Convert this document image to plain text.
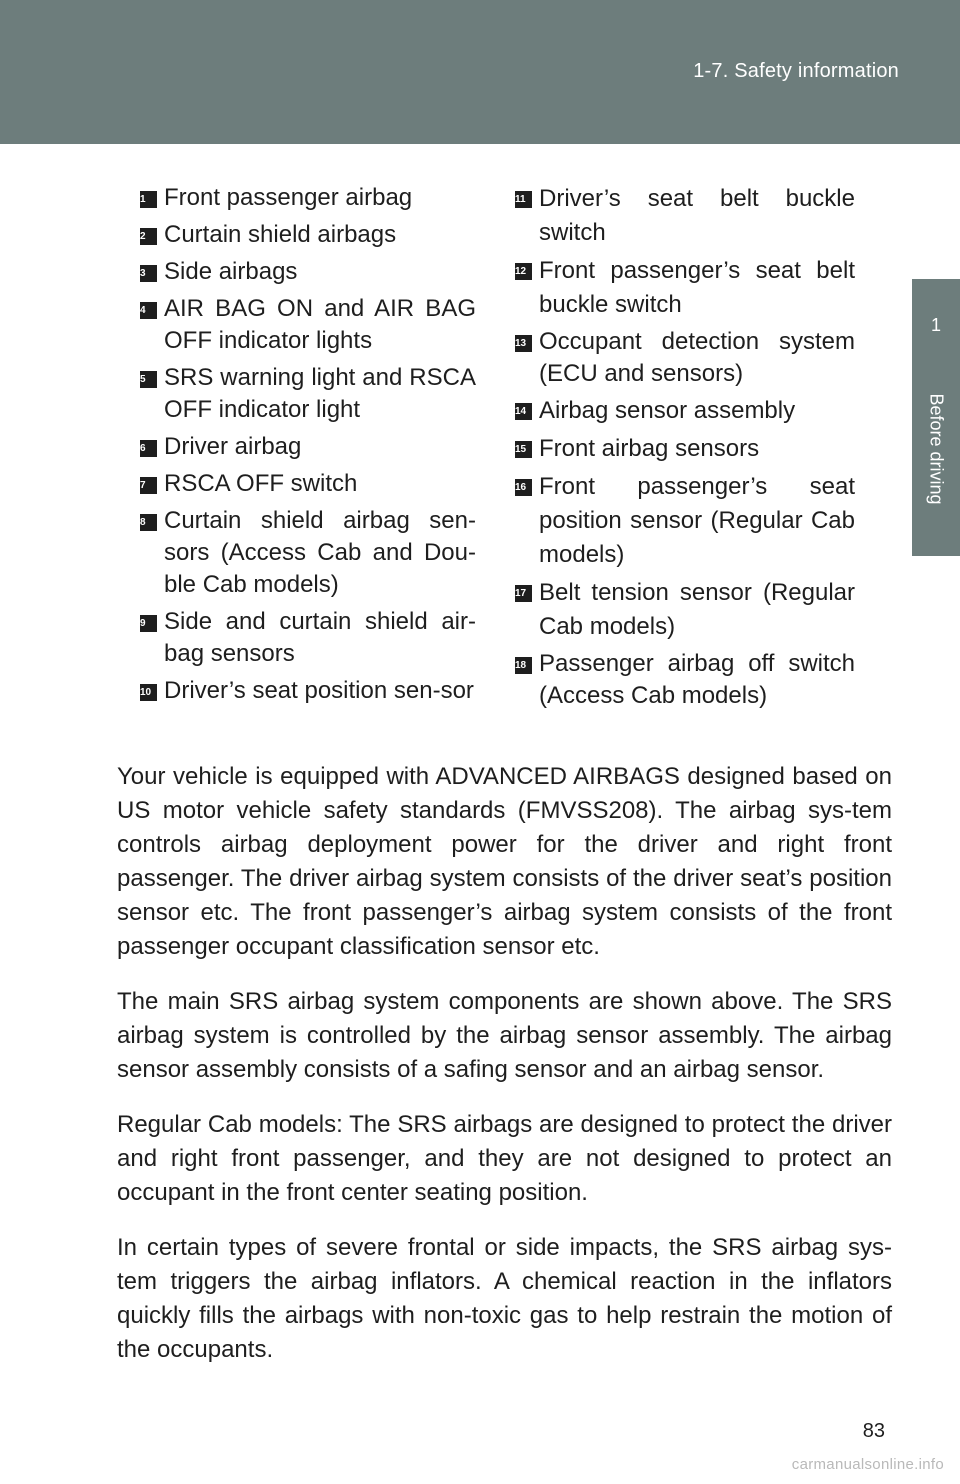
1-7. Safety information
1
Before driving
1 Front passenger airbag
2 Curtain shield airbags
3 Side airbags
4 AIR BAG ON and AIR BAG OFF indicator lights
5 SRS warning light and RSCA OFF indicator light
6 Driver airbag
7 RSCA OFF switch
8 Curtain shield airbag sen-sors (Access Cab and Dou-ble Cab models)
9 Side and curtain shield air-bag sensors
10 Driver’s seat position sen-sor
11 Driver’s seat belt buckle switch
12 Front passenger’s seat belt buckle switch
13 Occupant detection system (ECU and sensors)
14 Airbag sensor assembly
15 Front airbag sensors
16 Front passenger’s seat position sensor (Regular Cab models)
17 Belt tension sensor (Regular Cab models)
18 Passenger airbag off switch (Access Cab models)

Your vehicle is equipped with ADVANCED AIRBAGS designed based on US motor vehicle safety standards (FMVSS208). The airbag sys-tem controls airbag deployment power for the driver and right front passenger. The driver airbag system consists of the driver seat’s position sensor etc. The front passenger’s airbag system consists of the front passenger occupant classification sensor etc.

The main SRS airbag system components are shown above. The SRS airbag system is controlled by the airbag sensor assembly. The airbag sensor assembly consists of a safing sensor and an airbag sensor.

Regular Cab models: The SRS airbags are designed to protect the driver and right front passenger, and they are not designed to protect an occupant in the front center seating position.

In certain types of severe frontal or side impacts, the SRS airbag sys-tem triggers the airbag inflators. A chemical reaction in the inflators quickly fills the airbags with non-toxic gas to help restrain the motion of the occupants.

83
carmanualsonline.info
